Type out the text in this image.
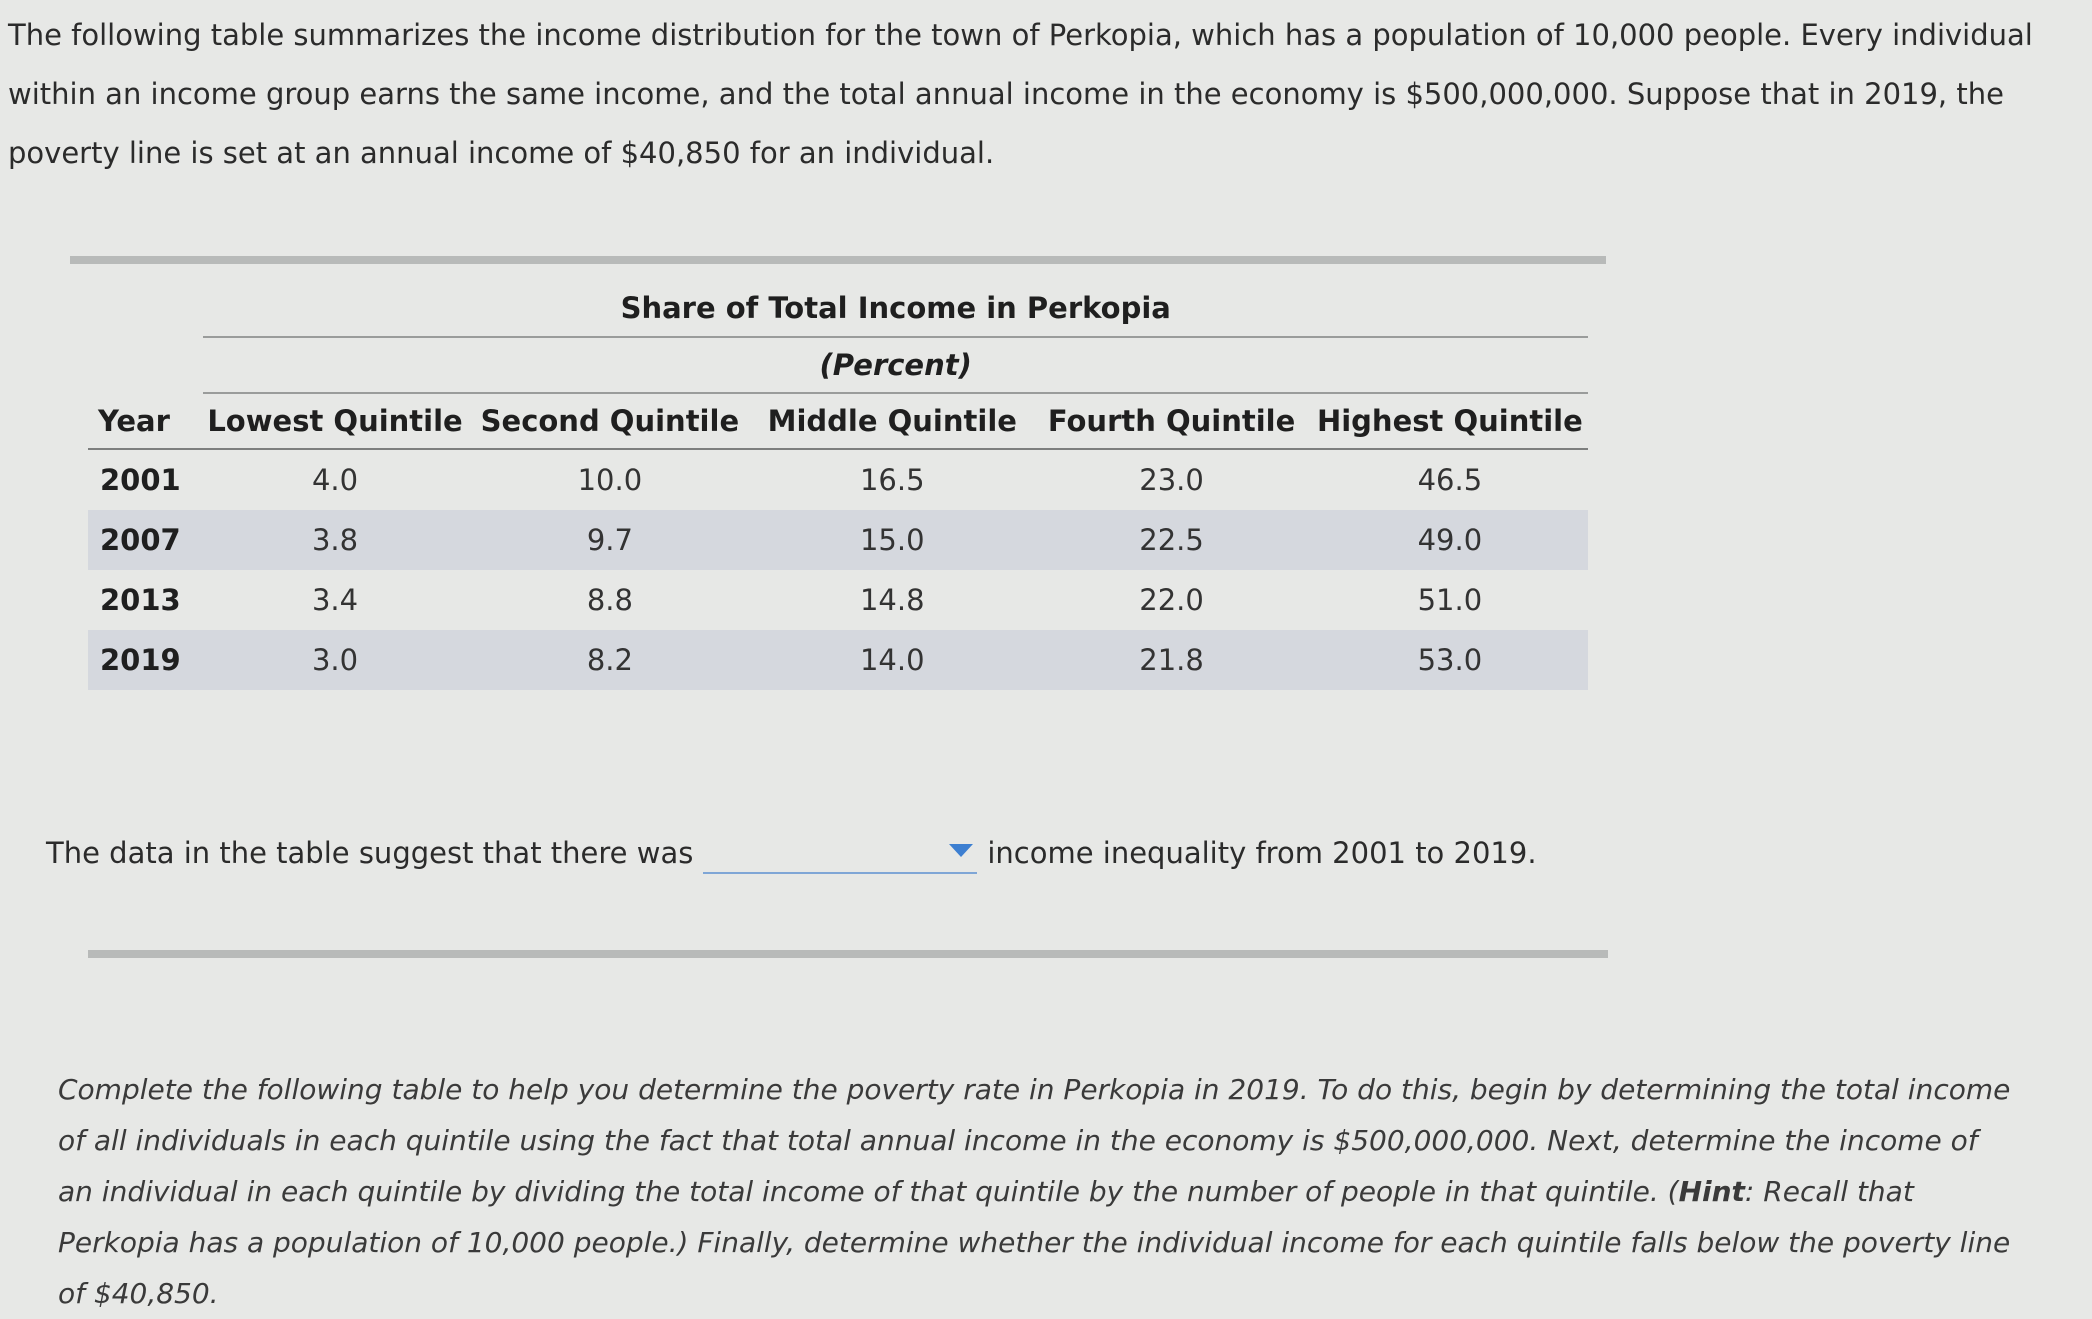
The following table summarizes the income distribution for the town of Perkopia, which has a population of 10,000 people. Every individual within an income group earns the same income, and the total annual income in the economy is $500,000,000. Suppose that in 2019, the poverty line is set at an annual income of $40,850 for an individual.

	Share of Total Income in Perkopia				
	(Percent)				
Year	Lowest Quintile	Second Quintile	Middle Quintile	Fourth Quintile	Highest Quintile
2001	4.0	10.0	16.5	23.0	46.5
2007	3.8	9.7	15.0	22.5	49.0
2013	3.4	8.8	14.8	22.0	51.0
2019	3.0	8.2	14.0	21.8	53.0
The data in the table suggest that there was	income inequality from 2001 to 2019.

Complete the following table to help you determine the poverty rate in Perkopia in 2019. To do this, begin by determining the total income of all individuals in each quintile using the fact that total annual income in the economy is $500,000,000. Next, determine the income of an individual in each quintile by dividing the total income of that quintile by the number of people in that quintile. (Hint: Recall that Perkopia has a population of 10,000 people.) Finally, determine whether the individual income for each quintile falls below the poverty line of $40,850.
